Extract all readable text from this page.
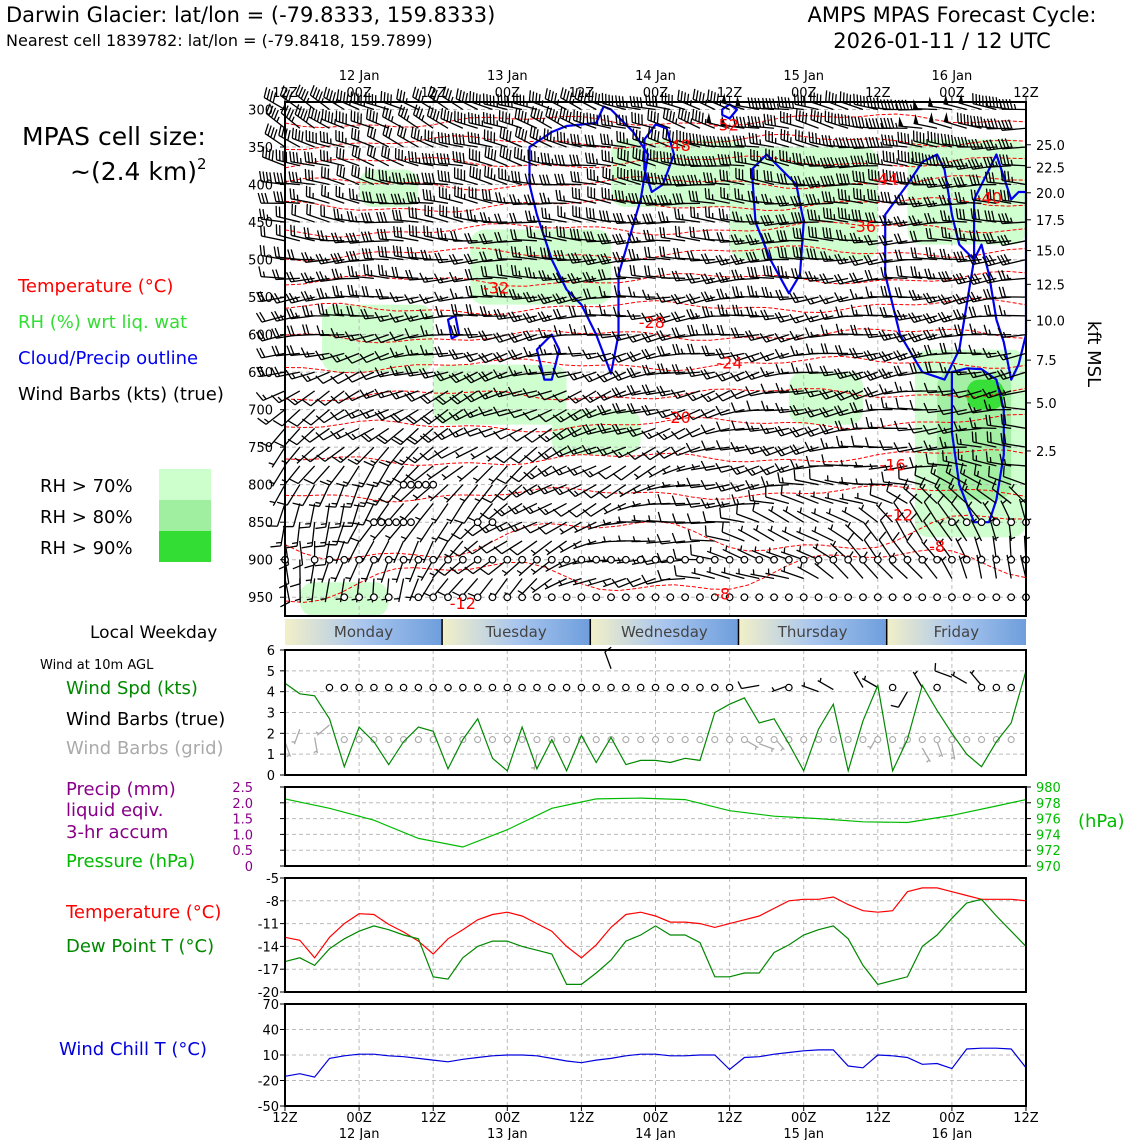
Darwin Glacier: lat/lon = (-79.8333, 159.8333)
Nearest cell 1839782: lat/lon = (-79.8418, 159.7899)
AMPS MPAS Forecast Cycle:
2026-01-11 / 12 UTC
MPAS cell size:
~(2.4 km)$^2$
Temperature (°C)
RH (%) wrt liq. wat
Cloud/Precip outline
Wind Barbs (kts) (true)
RH > 70%
RH > 80%
RH > 90%
-52
-48
-44
-40
-36
-32
-28
-24
-20
-16
-12
-12
-8
-8
300
350
400
450
500
550
600
650
700
750
800
850
900
950
12Z	00Z	12Z	00Z	12Z	00Z	12Z	00Z	12Z	00Z	12Z
12 Jan	13 Jan	14 Jan	15 Jan	16 Jan
25.0
22.5
20.0
17.5
15.0
12.5
10.0
7.5
5.0
2.5
kft MSL
Local Weekday	Monday	Tuesday	Wednesday	Thursday	Friday
Wind at 10m AGL
Wind Spd (kts)
Wind Barbs (true)
Wind Barbs (grid)
0
1
2
3
4
5
6
Precip (mm)
liquid eqiv.
3-hr accum
Pressure (hPa)
(hPa)
0
0.5
1.0
1.5
2.0
2.5
970
972
974
976
978
980
Temperature (°C)
Dew Point T (°C)
-5
-8
-11
-14
-17
-20
Wind Chill T (°C)
70
40
10
-20
-50
12Z	00Z	12Z	00Z	12Z	00Z	12Z	00Z	12Z	00Z	12Z
12 Jan	13 Jan	14 Jan	15 Jan	16 Jan
